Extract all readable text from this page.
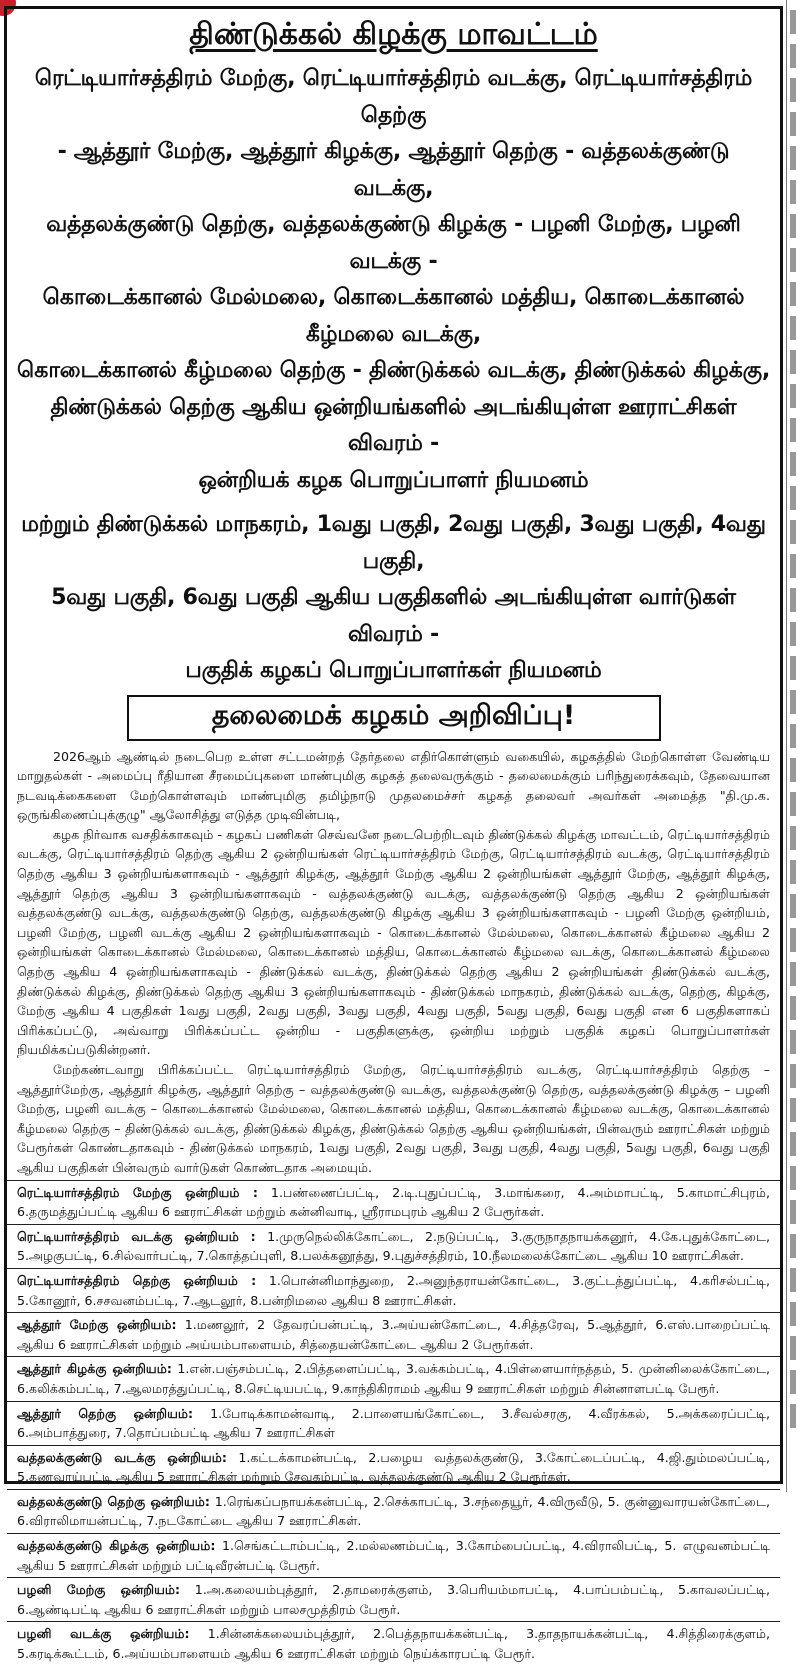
திண்டுக்கல் கிழக்கு மாவட்டம்
ரெட்டியார்சத்திரம் மேற்கு, ரெட்டியார்சத்திரம் வடக்கு, ரெட்டியார்சத்திரம் தெற்கு
- ஆத்தூர் மேற்கு, ஆத்தூர் கிழக்கு, ஆத்தூர் தெற்கு - வத்தலக்குண்டு வடக்கு,
வத்தலக்குண்டு தெற்கு, வத்தலக்குண்டு கிழக்கு - பழனி மேற்கு, பழனி வடக்கு -
கொடைக்கானல் மேல்மலை, கொடைக்கானல் மத்திய, கொடைக்கானல் கீழ்மலை வடக்கு,
கொடைக்கானல் கீழ்மலை தெற்கு - திண்டுக்கல் வடக்கு, திண்டுக்கல் கிழக்கு,
திண்டுக்கல் தெற்கு ஆகிய ஒன்றியங்களில் அடங்கியுள்ள ஊராட்சிகள் விவரம் -
ஒன்றியக் கழக பொறுப்பாளர் நியமனம்
மற்றும் திண்டுக்கல் மாநகரம், 1வது பகுதி, 2வது பகுதி, 3வது பகுதி, 4வது பகுதி,
5வது பகுதி, 6வது பகுதி ஆகிய பகுதிகளில் அடங்கியுள்ள வார்டுகள் விவரம் -
பகுதிக் கழகப் பொறுப்பாளர்கள் நியமனம்
தலைமைக் கழகம் அறிவிப்பு!

2026ஆம் ஆண்டில் நடைபெற உள்ள சட்டமன்றத் தேர்தலை எதிர்கொள்ளும் வகையில், கழகத்தில் மேற்கொள்ள வேண்டிய மாறுதல்கள் - அமைப்பு ரீதியான சீரமைப்புகளை மாண்புமிகு கழகத் தலைவருக்கும் - தலைமைக்கும் பரிந்துரைக்கவும், தேவையான நடவடிக்கைகளை மேற்கொள்ளவும் மாண்புமிகு தமிழ்நாடு முதலமைச்சர் கழகத் தலைவர் அவர்கள் அமைத்த "தி.மு.க. ஒருங்கிணைப்புக்குழு" ஆலோசித்து எடுத்த முடிவின்படி,

கழக நிர்வாக வசதிக்காகவும் - கழகப் பணிகள் செவ்வனே நடைபெற்றிடவும் திண்டுக்கல் கிழக்கு மாவட்டம், ரெட்டியார்சத்திரம் வடக்கு, ரெட்டியார்சத்திரம் தெற்கு ஆகிய 2 ஒன்றியங்கள் ரெட்டியார்சத்திரம் மேற்கு, ரெட்டியார்சத்திரம் வடக்கு, ரெட்டியார்சத்திரம் தெற்கு ஆகிய 3 ஒன்றியங்களாகவும் - ஆத்தூர் கிழக்கு, ஆத்தூர் மேற்கு ஆகிய 2 ஒன்றியங்கள் ஆத்தூர் மேற்கு, ஆத்தூர் கிழக்கு, ஆத்தூர் தெற்கு ஆகிய 3 ஒன்றியங்களாகவும் - வத்தலக்குண்டு வடக்கு, வத்தலக்குண்டு தெற்கு ஆகிய 2 ஒன்றியங்கள் வத்தலக்குண்டு வடக்கு, வத்தலக்குண்டு தெற்கு, வத்தலக்குண்டு கிழக்கு ஆகிய 3 ஒன்றியங்களாகவும் - பழனி மேற்கு ஒன்றியம், பழனி மேற்கு, பழனி வடக்கு ஆகிய 2 ஒன்றியங்களாகவும் - கொடைக்கானல் மேல்மலை, கொடைக்கானல் கீழ்மலை ஆகிய 2 ஒன்றியங்கள் கொடைக்கானல் மேல்மலை, கொடைக்கானல் மத்திய, கொடைக்கானல் கீழ்மலை வடக்கு, கொடைக்கானல் கீழ்மலை தெற்கு ஆகிய 4 ஒன்றியங்களாகவும் - திண்டுக்கல் வடக்கு, திண்டுக்கல் தெற்கு ஆகிய 2 ஒன்றியங்கள் திண்டுக்கல் வடக்கு, திண்டுக்கல் கிழக்கு, திண்டுக்கல் தெற்கு ஆகிய 3 ஒன்றியங்களாகவும் - திண்டுக்கல் மாநகரம், திண்டுக்கல் வடக்கு, தெற்கு, கிழக்கு, மேற்கு ஆகிய 4 பகுதிகள் 1வது பகுதி, 2வது பகுதி, 3வது பகுதி, 4வது பகுதி, 5வது பகுதி, 6வது பகுதி என 6 பகுதிகளாகப் பிரிக்கப்பட்டு, அவ்வாறு பிரிக்கப்பட்ட ஒன்றிய - பகுதிகளுக்கு, ஒன்றிய மற்றும் பகுதிக் கழகப் பொறுப்பாளர்கள் நியமிக்கப்படுகின்றனர்.

மேற்கண்டவாறு பிரிக்கப்பட்ட ரெட்டியார்சத்திரம் மேற்கு, ரெட்டியார்சத்திரம் வடக்கு, ரெட்டியார்சத்திரம் தெற்கு – ஆத்தூர்மேற்கு, ஆத்தூர் கிழக்கு, ஆத்தூர் தெற்கு – வத்தலக்குண்டு வடக்கு, வத்தலக்குண்டு தெற்கு, வத்தலக்குண்டு கிழக்கு – பழனி மேற்கு, பழனி வடக்கு – கொடைக்கானல் மேல்மலை, கொடைக்கானல் மத்திய, கொடைக்கானல் கீழ்மலை வடக்கு, கொடைக்கானல் கீழ்மலை தெற்கு – திண்டுக்கல் வடக்கு, திண்டுக்கல் கிழக்கு, திண்டுக்கல் தெற்கு ஆகிய ஒன்றியங்கள், பின்வரும் ஊராட்சிகள் மற்றும் பேரூர்கள் கொண்டதாகவும் - திண்டுக்கல் மாநகரம், 1வது பகுதி, 2வது பகுதி, 3வது பகுதி, 4வது பகுதி, 5வது பகுதி, 6வது பகுதி ஆகிய பகுதிகள் பின்வரும் வார்டுகள் கொண்டதாக அமையும்.

ரெட்டியார்சத்திரம் மேற்கு ஒன்றியம் : 1.பண்ணைப்பட்டி, 2.டி.புதுப்பட்டி, 3.மாங்கரை, 4.அம்மாபட்டி, 5.காமாட்சிபுரம், 6.தருமத்துப்பட்டி ஆகிய 6 ஊராட்சிகள் மற்றும் கன்னிவாடி, ஸ்ரீராமபுரம் ஆகிய 2 பேரூர்கள்.
ரெட்டியார்சத்திரம் வடக்கு ஒன்றியம் : 1.முருநெல்லிக்கோட்டை, 2.நடுப்பட்டி, 3.குருநாதநாயக்கனூர், 4.கே.புதுக்கோட்டை, 5.அழகுபட்டி, 6.சில்வார்பட்டி, 7.கொத்தப்புளி, 8.பலக்கனூத்து, 9.புதுச்சத்திரம், 10.நீலமலைக்கோட்டை ஆகிய 10 ஊராட்சிகள்.
ரெட்டியார்சத்திரம் தெற்கு ஒன்றியம் : 1.பொன்னிமாந்துறை, 2.அனுந்தராயன்கோட்டை, 3.குட்டத்துப்பட்டி, 4.கரிசல்பட்டி, 5.கோனூர், 6.சசவனம்பட்டி, 7.ஆடலூர், 8.பன்றிமலை ஆகிய 8 ஊராட்சிகள்.
ஆத்தூர் மேற்கு ஒன்றியம்: 1.மணலூர், 2 தேவரப்பன்பட்டி, 3.அய்யன்கோட்டை, 4.சித்தரேவு, 5.ஆத்தூர், 6.எஸ்.பாறைப்பட்டி ஆகிய 6 ஊராட்சிகள் மற்றும் அய்யம்பாளையம், சித்தையன்கோட்டை ஆகிய 2 பேரூர்கள்.
ஆத்தூர் கிழக்கு ஒன்றியம்: 1.என்.பஞ்சம்பட்டி, 2.பித்தளைப்பட்டி, 3.வக்கம்பட்டி, 4.பிள்ளையார்நத்தம், 5. முன்னிலைக்கோட்டை, 6.கலிக்கம்பட்டி, 7.ஆலமரத்துப்பட்டி, 8.செட்டியபட்டி, 9.காந்திகிராமம் ஆகிய 9 ஊராட்சிகள் மற்றும் சின்னாளபட்டி பேரூர்.
ஆத்தூர் தெற்கு ஒன்றியம்: 1.போடிக்காமன்வாடி, 2.பாளையங்கோட்டை, 3.சீவல்சரகு, 4.வீரக்கல், 5.அக்கரைப்பட்டி, 6.அம்பாத்துரை, 7.தொப்பம்பட்டி ஆகிய 7 ஊராட்சிகள்
வத்தலக்குண்டு வடக்கு ஒன்றியம்: 1.கட்டக்காமன்பட்டி, 2.பழைய வத்தலக்குண்டு, 3.கோட்டைப்பட்டி, 4.ஜி.தும்மலப்பட்டி, 5.கணவாய்பட்டி ஆகிய 5 ஊராட்சிகள் மற்றும் சேவுகம்பட்டி, வத்தலக்குண்டு ஆகிய 2 பேரூர்கள்.
வத்தலக்குண்டு தெற்கு ஒன்றியம்: 1.ரெங்கப்பநாயக்கன்பட்டி, 2.செக்காபட்டி, 3.சந்தையூர், 4.விருவீடு, 5. குன்னுவாரயன்கோட்டை, 6.விராலிமாயன்பட்டி, 7.நடகோட்டை ஆகிய 7 ஊராட்சிகள்.
வத்தலக்குண்டு கிழக்கு ஒன்றியம்: 1.செங்கட்டாம்பட்டி, 2.மல்லணம்பட்டி, 3.கோம்பைப்பட்டி, 4.விராலிபட்டி, 5. எழுவனம்பட்டி ஆகிய 5 ஊராட்சிகள் மற்றும் பட்டிவீரன்பட்டி பேரூர்.
பழனி மேற்கு ஒன்றியம்: 1.அ.கலையம்புத்தூர், 2.தாமரைக்குளம், 3.பெரியம்மாபட்டி, 4.பாப்பம்பட்டி, 5.காவலப்பட்டி, 6.ஆண்டிபட்டி ஆகிய 6 ஊராட்சிகள் மற்றும் பாலசமுத்திரம் பேரூர்.
பழனி வடக்கு ஒன்றியம்: 1.சின்னக்கலையம்புத்தூர், 2.பெத்தநாயக்கன்பட்டி, 3.தாதநாயக்கன்பட்டி, 4.சித்திரைக்குளம், 5.கரடிக்கூட்டம், 6.அய்யம்பாளையம் ஆகிய 6 ஊராட்சிகள் மற்றும் நெய்க்காரபட்டி பேரூர்.
